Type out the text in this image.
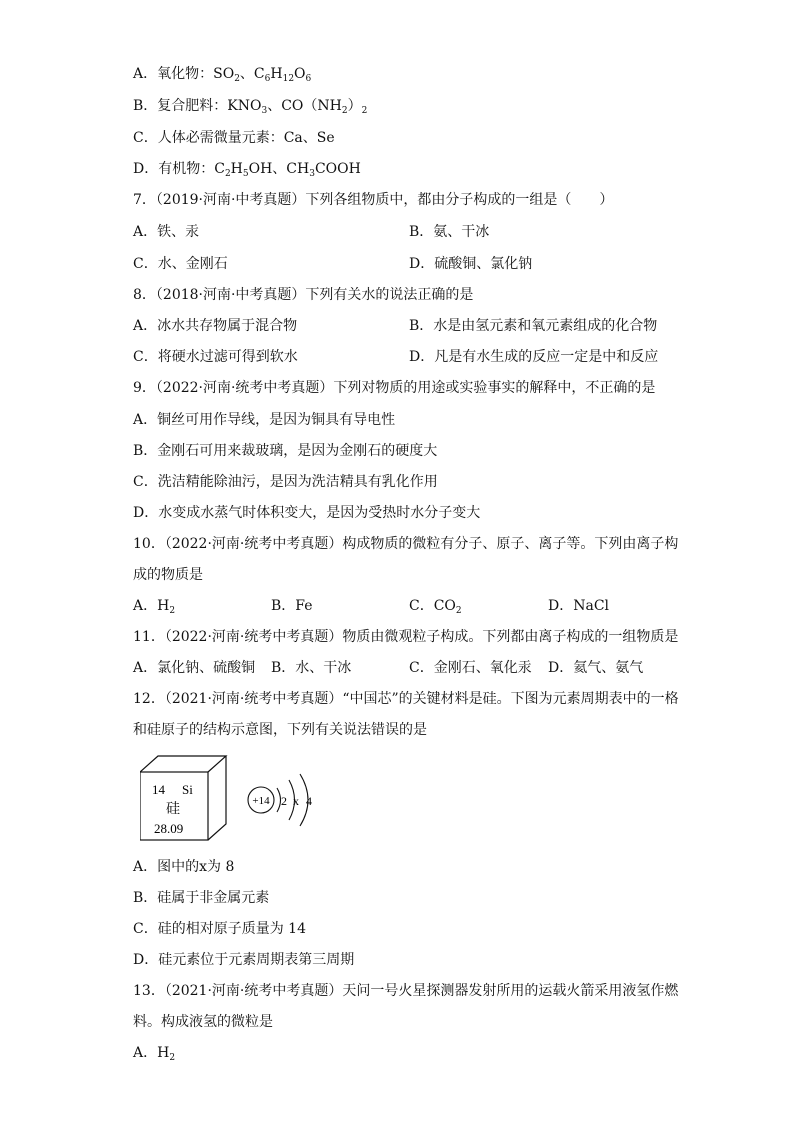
A．氧化物：$SO_2$、$C_6H_{12}O_6$
B．复合肥料：$KNO_3$、$CO(NH_2)_2$
C．人体必需微量元素：Ca、Se
D．有机物：$C_2H_5OH$、$CH_3COOH$
7．（2019·河南·中考真题）下列各组物质中，都由分子构成的一组是（　　）
A．铁、汞	B．氨、干冰
C．水、金刚石	D．硫酸铜、氯化钠
8．（2018·河南·中考真题）下列有关水的说法正确的是
A．冰水共存物属于混合物	B．水是由氢元素和氧元素组成的化合物
C．将硬水过滤可得到软水	D．凡是有水生成的反应一定是中和反应
9．（2022·河南·统考中考真题）下列对物质的用途或实验事实的解释中，不正确的是
A．铜丝可用作导线，是因为铜具有导电性
B．金刚石可用来裁玻璃，是因为金刚石的硬度大
C．洗洁精能除油污，是因为洗洁精具有乳化作用
D．水变成水蒸气时体积变大，是因为受热时水分子变大
10．（2022·河南·统考中考真题）构成物质的微粒有分子、原子、离子等。下列由离子构
成的物质是
A．$H_2$	B．Fe	C．$CO_2$	D．NaCl
11．（2022·河南·统考中考真题）物质由微观粒子构成。下列都由离子构成的一组物质是
A．氯化钠、硫酸铜 B．水、干冰	C．金刚石、氧化汞 D．氦气、氨气
12．（2021·河南·统考中考真题）“中国芯”的关键材料是硅。下图为元素周期表中的一格
和硅原子的结构示意图，下列有关说法错误的是
14 Si
硅
28.09
+14 2 x 4
A．图中的x为 8
B．硅属于非金属元素
C．硅的相对原子质量为 14
D．硅元素位于元素周期表第三周期
13．（2021·河南·统考中考真题）天问一号火星探测器发射所用的运载火箭采用液氢作燃
料。构成液氢的微粒是
A．$H_2$
